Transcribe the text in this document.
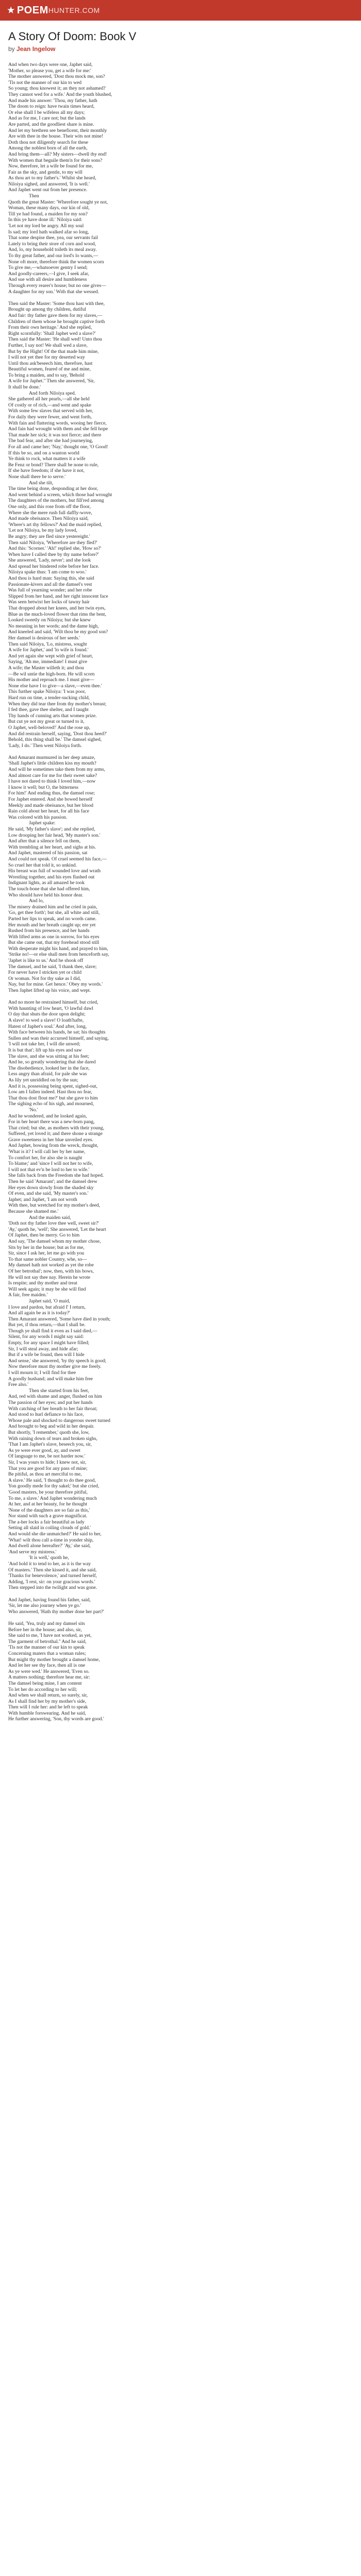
★ POEM HUNTER.COM
A Story Of Doom: Book V

by Jean Ingelow

And when two days were one, Japhet said,
'Mother, so please you, get a wife for me:'
The mother answered, 'Dost thou mock me, son?
'Tis not the manner of our kin to wed
So young; thou knowest it; an they not ashamed?
They cannot wed for a wife.' And the youth blushed,
And made his answer: 'Thou, my father, hath
The doom to reign: have twain times heard,
Or else shall I be wifeless all my days;
And as for me, I care not; but the lands
Are parted, and the goodliest share is mine.
And let my brethren see beneficent, their monthly
Are with thee in the house. Their wits not mine!
Doth thou not diligently search for these
Among the noblest born of all the earth,
And bring them—all? My sisters—dwell thy end!
With women that beguile them'n for their sons?
Now, therefore, let a wife be found for me,
Fair as the sky, and gentle, to my will
As thou art to my father's.' Whilst she heard,
Niloiya sighed, and answered, 'It is well.'
And Japhet went out from her presence.
Then
Quoth the great Master: 'Wherefore sought ye not,
Woman, these many days, our kin of old,
Till ye had found, a maiden for my son?
In this ye have done ill.' Niloiya said:
'Let not my lord be angry. All my soul
Is sad; my lord hath walked afar so long,
That some despise thee, yea, our servants fail
Lately to bring their store of corn and wood,
And, lo, my household toileth its meal away.
To thy great father, and our lord's lo wants,—
None oft more, therefore think the women scorn
To give me,—whatsoever gentry I send;
And goodly-careers,—I give, I seek afar,
And sue with all desire and humbleness
Through every rearer's house; but no one gives—
A daughter for my son.' With that she wessed.

Then said the Master: 'Some thou hast with thee,
Brought up among thy children, dutiful
And fair: thy father gave them for my slaves,—
Children of them whose he brought captive forth
From their own heritage.' And she replied,
Right scornfully: 'Shall Japhet wed a slave?'
Then said the Master: 'He shall wed! Unto thou
Further, I say not! We shall wed a slave,
But by the Hight! Of the that made him mine,
I will not yet thee for my deserted way
Until thou ask'beseech him, therefore, hast
Beautiful women, feared of me and mine,
To bring a maiden, and to say, 'Behold
A wife for Japhet.'' Then she answered, 'Sir,
It shall be done.'
And forth Niloiya sped.
She gathered all her pearls,—all she held
Of costly or of rich,—and went and spake
With some few slaves that served with her,
For daily they were fewer, and went forth,
With fain and flattering words, wooing her fierce,
And fain had wrought with them and she fell hope
That made her sick; it was not fierce; and there
The bad fear, and after she had journeying,
For all and came her; 'Nay,' thought one, 'O Good!
If this be so, and on a wanton world
Ye think to rock, what matters it a wife
Be Fenz or bond? There shall be none to rule,
If she have freedom; if she have it not,
None shall there be to serve.'
And she tilt,
The time being done, desponding at her door,
And went behind a screen, which those had wrought
The daughters of the mothers, but fill'red among
One only, and this rose from off the floor,
Where she the mere rush full daffly-wove,
And made obeisance. Then Niloiya said,
'Where's art thy fellows?' And the maid replied,
'Let not Niloiya, be my lady loved,
Be angry; they are fled since yestereight.'
Then said Niloiya, 'Wherefore are they fled?'
And this: 'Scorner.' 'Ah!' replied she, 'How so?'
When have I called thee by thy name before?'
She answered, 'Lady, never'; and she look
And spread her bindered robe before her face.
Niloiya spake thus: 'I am come to woo.'
And thou is hard man: Saying this, she said
Passionate-kivers and all the damsel's vest
Was full of yearning wonder; and her robe
Slipped from her hand, and her right innocent face
Was seen betwixt her locks of tawny hair
That dropped about her knees, and her twin eyes,
Blue as the much-loved flower that rims the bent,
Looked sweetly on Niloiya; but she knew
No meaning in her words; and the dame high,
And kneeled and said, 'Wilt thou be my good son?
Her damsel is desirous of her seeds.'
Then said Niloiya, 'Lo, mistress, sought
A wife for Japhet,' and 'lo wife is found.'
And yet again she wept with grief of heart,
Saying, 'Ah me, immediate! I must give
A wife; the Master willeth it; and thou
—Be wil untie the high-born. He will scorn
His mother and reproach me. I must give—
None else have I to give—a slave,—even thee.'
This further spake Niloiya: 'I was poor,
Hard run on time, a tender-sucking child,
When they did tear thee from thy mother's breast;
I fed thee, gave thee shelter, and I taught
Thy hands of cunning arts that women prize.
But cut ye not my great or turned to it,
O Japhet, well-beloved!' And the rose up,
And did restrain herself, saying, 'Dost thou heed?'
Behold, this thing shall be.' The damsel sighed,
'Lady, I do.' Then went Niloiya forth.

And Amarant murmured in her deep amaze,
'Shall Japhet's little children kiss my mouth?
And will he sometimes take them from my arms,
And almost care for me for their sweet sake?
I have not dared to think I loved him,—now
I know it well; but O, the bitterness
For him!' And ending thus, the damsel rose;
For Japhet entered. And she bowed herself
Meekly and made obeisance, but her blood
Rain cold about her heart, for all his face
Was colored with his passion.
Japhet spake:
He said, 'My father's slave'; and she replied,
Low drooping her fair head, 'My master's son.'
And after that a silence fell on them,
With trembling at her heart, and sighs at his.
And Japhet, mastered of his passion, sat
And could not speak. Of cruel seemed his face,—
So cruel her that told it, so unkind.
His breast was full of wounded love and wrath
Wrestling together, and his eyes flashed out
Indignant lights, as all amazed he took
The touch-bone that she had offered him,
Who should have held his honor dear.
And lo,
The misery drained him and he cried in pain,
'Go, get thee forth'; but she, all white and still,
Parted her lips to speak, and no words came.
Her mouth and her breath caught up; ere yet
Rushed from his presence, and her hands
With lifted arms as one in sorrow, for his eyes
But she came out, that my forehead stood still
With desperate might his hand, and prayed to him,
'Strike no!—or else shall men from henceforth say,
'Japhet is like to us.' And he shook off
The damsel, and he said, 'I thank thee, slave;
For never have I stricken yet or child
Or woman. Not for thy sake as I did,
Nay, but for mine. Get hence.' Obey my words.'
Then Japhet lifted up his voice, and wept.

And no more he restrained himself, but cried,
With haunting of low heart, 'O lawful dawl
O day that shuts the door upon delight;
A slave! to wed a slave! O loath'hafte,
Hatest of Japhet's soul.' And after, long,
With face between his hands, he sat; his thoughts
Sullen and wan their accursed himself, and saying,
'I will not take her, I will die unwed;
It is but that'; lift up his eyes and saw
The slave, and she was sitting at his feet;
And he, so greatly wondering that she dared
The disobedience, looked her in the face,
Less angry than afraid, for pale she was
As lily yet unriddled on by the sun;
And it is, possessing being spent, sighed-out,
Low am I fallen indeed. Hast thou no fear,
That thou dost flout me?' but she gave to him
The sighing echo of his sigh, and mourned,
'No.'
And he wondered, and he looked again,
For in her heart there was a new-born pang,
That cried; but she, as mothers with their young,
Suffered, yet loved it; and there shone a strange
Grave sweetness in her blue unveiled eyes.
And Japhet, bowing from the wreck, thought,
'What is it? I will call her by her name,
To comfort her, for also she is naught
To blame;' and 'since I will not her to wife,
I will not that ev'n be lord to her to wife.'
She falls back from the Freedom she had hoped.
Then he said 'Amarant'; and the damsel drew
Her eyes down slowly from the shaded sky
Of even, and she said, 'My master's son.'
Japhet; and Japhet, 'I am not wroth
With thee, but wretched for my mother's deed,
Because she shamed me.'
And the maiden said,
'Doth not thy father love thee well, sweet sir?'
'Ay,' quoth he, 'well'; She answered, 'Let the heart
Of Japhet, then be merry. Go to him
And say, 'The damsel whom my mother chose,
Sits by her in the house; but as for me,
Sir, since I ask her, let me go with you
To that same nobler Country, whe, so—
My damsel hath not worked as yet the robe
Of her betrothal'; now, then, with his bows,
He will not say thee nay. Herein he wrote
Is respite; and thy mother and treat
Will seek again; it may be she will find
A fair, free maiden.'
Japhet said, 'O maid,
I love and pardon, but afraid I' I return,
And all again be as it is today?'
Then Amarant answered, 'Some have died in youth;
But yet, if thou return,—that I shall be.
Though ye shall find it even as I said died,—
Silent, for any words I might say said:
Empty, for any space I might have filled;
Sir, I will steal away, and hide afar;
But if a wife be found, then will I hide
And sense,' she answered, 'by thy speech is good;
Now therefore must thy mother give me freely.
I will mourn it; I will find for thee
A goodly husband; and will make him free
Free also.'
Then she started from his feet,
And, red with shame and anger, flushed on him
The passion of her eyes; and put her hands
With catching of her breath to her fair throat;
And stood to hurl defiance to his face,
Whose pale and shocked to dangerous sweet turned
And brought to beg and wild in her despair.
But shortly, 'I remember,' quoth she, low,
With raining down of tears and broken sighs,
'That I am Japhet's slave, beseech you, sir,
As ye were ever good, ay, and sweet
Of language to me, be not harder now.'
Sir, I was yours to hide; I knew not, sir,
That you are good for any pass of mine;
Be pitiful, as thou art merciful to me,
A slave.' He said, 'I thought to do thee good,
Yon goodly mede for thy sakel;' but she cried,
'Good masters, be your therefore pitiful,
To me, a slave.' And Japhet wondering much
At her, and at her beauty, for he thought
'None of the daughters are so fair as this,'
Nor stand with such a grave magnificat.
The a-her locks a fair beautiful as lady
Setting all slaid in coiling clouds of gold.'
And would she die unmatched?' He said to her,
'What! wilt thou call a-time in yonder ship,
And dwell alone hereafter?' 'Ay,' she said,
'And serve my mistress.'
'It is well,' quoth he,
'And hold it to tend to her, as it is the way
Of masters.' Then she kissed it, and she said,
'Thanks for benevolence,' and turned herself,
Adding, 'I rest, sir: on your gracious words.'
Then stepped into the twilight and was gone.

And Japhet, having found his father, said,
'Sir, let me also journey when ye go.'
Who answered, 'Hath thy mother done her part?'

He said, 'Yea, truly and my damsel sits
Before her in the house; and also, sir,
She said to me, 'I have not worked, as yet,
The garment of betrothal.'' And he said,
'Tis not the manner of our kin to speak
Concerning maters that a woman rules;
But might thy mother brought a damsel home,
And let her see thy face, then all is one
As ye were wed.' He answered, 'Even so.
A matters nothing; therefore hear me, sir:
The damsel being mine, I am content
To let her do according to her will;
And when we shall return, so surely, sir,
As I shall find her by my mother's side,
Then will I rule her: and he left to speak
With humble forswearing. And he said,
He further answering, 'Son, thy words are good.'
